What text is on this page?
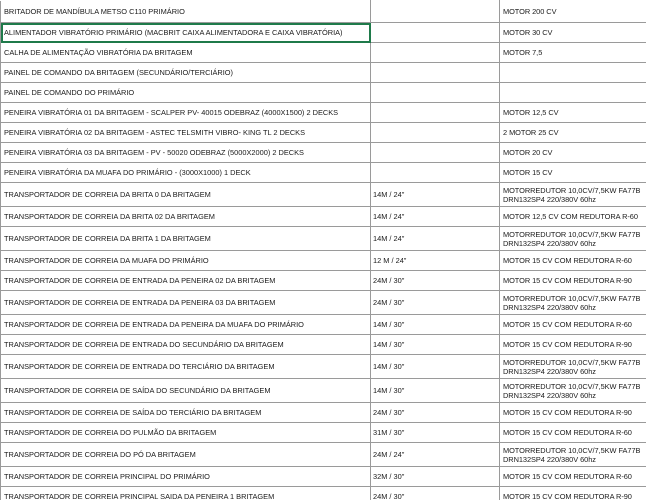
BRITADOR DE MANDÍBULA METSO C110 PRIMÁRIO		MOTOR 200 CV
ALIMENTADOR VIBRATÓRIO PRIMÁRIO (MACBRIT CAIXA ALIMENTADORA E CAIXA VIBRATÓRIA)		MOTOR 30 CV
CALHA DE ALIMENTAÇÃO VIBRATÓRIA DA BRITAGEM		MOTOR 7,5
PAINEL DE COMANDO DA BRITAGEM (SECUNDÁRIO/TERCIÁRIO)		
PAINEL DE COMANDO DO PRIMÁRIO		
PENEIRA VIBRATÓRIA 01 DA BRITAGEM - SCALPER PV- 40015 ODEBRAZ (4000X1500) 2 DECKS		MOTOR 12,5 CV
PENEIRA VIBRATÓRIA 02 DA BRITAGEM - ASTEC TELSMITH VIBRO- KING TL 2 DECKS		2 MOTOR 25 CV
PENEIRA VIBRATÓRIA 03 DA BRITAGEM - PV - 50020 ODEBRAZ (5000X2000) 2 DECKS		MOTOR 20 CV
PENEIRA VIBRATÓRIA DA MUAFA DO PRIMÁRIO - (3000X1000) 1 DECK		MOTOR 15 CV
TRANSPORTADOR DE CORREIA DA BRITA 0 DA BRITAGEM	14M / 24"	MOTORREDUTOR 10,0CV/7,5KW FA77B
DRN132SP4 220/380V 60hz
TRANSPORTADOR DE CORREIA DA BRITA 02 DA BRITAGEM	14M / 24"	MOTOR 12,5 CV COM REDUTORA R-60
TRANSPORTADOR DE CORREIA DA BRITA 1 DA BRITAGEM	14M / 24"	MOTORREDUTOR 10,0CV/7,5KW FA77B
DRN132SP4 220/380V 60hz
TRANSPORTADOR DE CORREIA DA MUAFA DO PRIMÁRIO	12 M / 24"	MOTOR 15 CV COM REDUTORA R-60
TRANSPORTADOR DE CORREIA DE ENTRADA DA PENEIRA 02 DA BRITAGEM	24M / 30"	MOTOR 15 CV COM REDUTORA R-90
TRANSPORTADOR DE CORREIA DE ENTRADA DA PENEIRA 03 DA BRITAGEM	24M / 30"	MOTORREDUTOR 10,0CV/7,5KW FA77B
DRN132SP4 220/380V 60hz
TRANSPORTADOR DE CORREIA DE ENTRADA DA PENEIRA DA MUAFA DO PRIMÁRIO	14M / 30"	MOTOR 15 CV COM REDUTORA R-60
TRANSPORTADOR DE CORREIA DE ENTRADA DO SECUNDÁRIO DA BRITAGEM	14M / 30"	MOTOR 15 CV COM REDUTORA R-90
TRANSPORTADOR DE CORREIA DE ENTRADA DO TERCIÁRIO DA BRITAGEM	14M / 30"	MOTORREDUTOR 10,0CV/7,5KW FA77B
DRN132SP4 220/380V 60hz
TRANSPORTADOR DE CORREIA DE SAÍDA DO SECUNDÁRIO DA BRITAGEM	14M / 30"	MOTORREDUTOR 10,0CV/7,5KW FA77B
DRN132SP4 220/380V 60hz
TRANSPORTADOR DE CORREIA DE SAÍDA DO TERCIÁRIO DA BRITAGEM	24M / 30"	MOTOR 15 CV COM REDUTORA R-90
TRANSPORTADOR DE CORREIA DO PULMÃO DA BRITAGEM	31M / 30"	MOTOR 15 CV COM REDUTORA R-60
TRANSPORTADOR DE CORREIA DO PÓ DA BRITAGEM	24M / 24"	MOTORREDUTOR 10,0CV/7,5KW FA77B
DRN132SP4 220/380V 60hz
TRANSPORTADOR DE CORREIA PRINCIPAL DO PRIMÁRIO	32M / 30"	MOTOR 15 CV COM REDUTORA R-60
TRANSPORTADOR DE CORREIA PRINCIPAL SAIDA DA PENEIRA 1 BRITAGEM	24M / 30"	MOTOR 15 CV COM REDUTORA R-90
